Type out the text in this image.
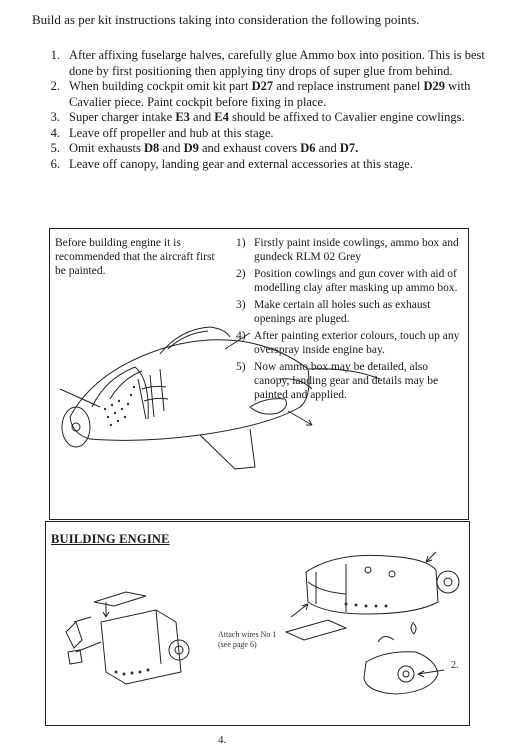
Build as per kit instructions taking into consideration the following points.
1. After affixing fuselarge halves, carefully glue Ammo box into position. This is best done by first positioning then applying tiny drops of super glue from behind.
2. When building cockpit omit kit part D27 and replace instrument panel D29 with Cavalier piece. Paint cockpit before fixing in place.
3. Super charger intake E3 and E4 should be affixed to Cavalier engine cowlings.
4. Leave off propeller and hub at this stage.
5. Omit exhausts D8 and D9 and exhaust covers D6 and D7.
6. Leave off canopy, landing gear and external accessories at this stage.
Before building engine it is recommended that the aircraft first be painted.
1) Firstly paint inside cowlings, ammo box and gundeck RLM 02 Grey
2) Position cowlings and gun cover with aid of modelling clay after masking up ammo box.
3) Make certain all holes such as exhaust openings are pluged.
4) After painting exterior colours, touch up any overspray inside engine bay.
5) Now ammo box may be detailed, also canopy, landing gear and details may be painted and applied.
BUILDING ENGINE
Attach wires No 1
(see page 6)
2.
4.
